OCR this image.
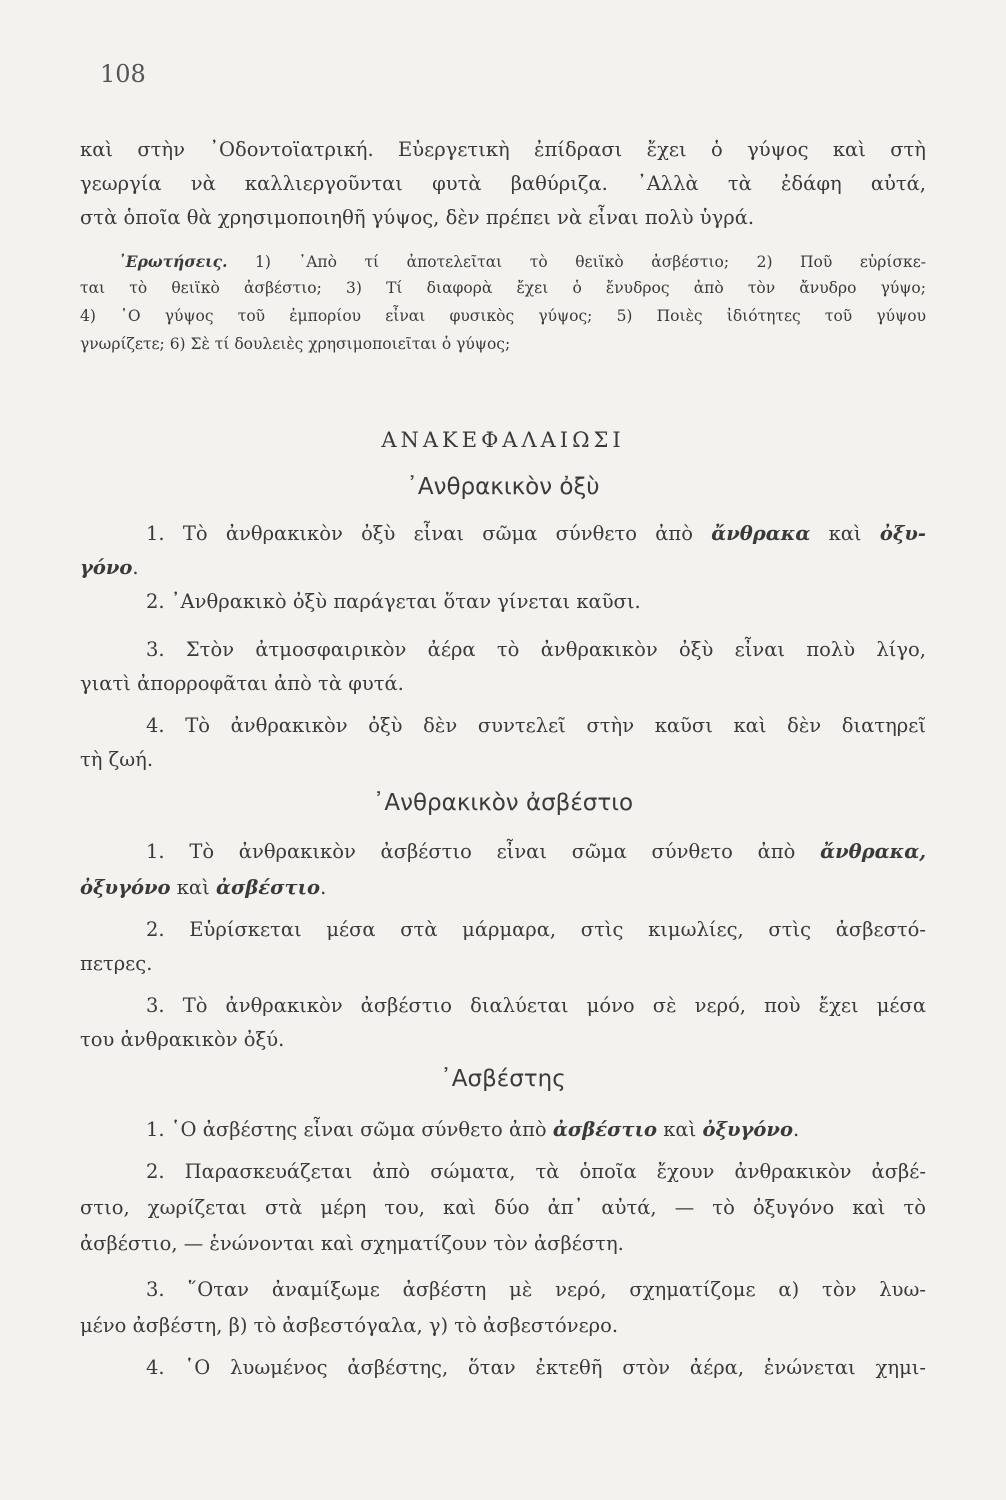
108
καὶ στὴν ᾿Οδοντοϊατρική. Εὐεργετικὴ ἐπίδρασι ἔχει ὁ γύψος καὶ στὴ
γεωργία νὰ καλλιεργοῦνται φυτὰ βαθύριζα. ᾿Αλλὰ τὰ ἐδάφη αὐτά,
στὰ ὁποῖα θὰ χρησιμοποιηθῆ γύψος, δὲν πρέπει νὰ εἶναι πολὺ ὑγρά.
᾿Ερωτήσεις. 1) ᾿Απὸ τί ἀποτελεῖται τὸ θειϊκὸ ἀσβέστιο; 2) Ποῦ εὑρίσκε-
ται τὸ θειϊκὸ ἀσβέστιο; 3) Τί διαφορὰ ἔχει ὁ ἔνυδρος ἀπὸ τὸν ἄνυδρο γύψο;
4) ῾Ο γύψος τοῦ ἐμπορίου εἶναι φυσικὸς γύψος; 5) Ποιὲς ἰδιότητες τοῦ γύψου
γνωρίζετε; 6) Σὲ τί δουλειὲς χρησιμοποιεῖται ὁ γύψος;
ΑΝΑΚΕΦΑΛΑΙΩΣΙ
᾿Ανθρακικὸν ὀξὺ
1. Τὸ ἀνθρακικὸν ὀξὺ εἶναι σῶμα σύνθετο ἀπὸ ἄνθρακα καὶ ὀξυ-
γόνο.
2. ᾿Ανθρακικὸ ὀξὺ παράγεται ὅταν γίνεται καῦσι.
3. Στὸν ἀτμοσφαιρικὸν ἀέρα τὸ ἀνθρακικὸν ὀξὺ εἶναι πολὺ λίγο,
γιατὶ ἀπορροφᾶται ἀπὸ τὰ φυτά.
4. Τὸ ἀνθρακικὸν ὀξὺ δὲν συντελεῖ στὴν καῦσι καὶ δὲν διατηρεῖ
τὴ ζωή.
᾿Ανθρακικὸν ἀσβέστιο
1. Τὸ ἀνθρακικὸν ἀσβέστιο εἶναι σῶμα σύνθετο ἀπὸ ἄνθρακα,
ὀξυγόνο καὶ ἀσβέστιο.
2. Εὑρίσκεται μέσα στὰ μάρμαρα, στὶς κιμωλίες, στὶς ἀσβεστό-
πετρες.
3. Τὸ ἀνθρακικὸν ἀσβέστιο διαλύεται μόνο σὲ νερό, ποὺ ἔχει μέσα
του ἀνθρακικὸν ὀξύ.
᾿Ασβέστης
1. ῾Ο ἀσβέστης εἶναι σῶμα σύνθετο ἀπὸ ἀσβέστιο καὶ ὀξυγόνο.
2. Παρασκευάζεται ἀπὸ σώματα, τὰ ὁποῖα ἔχουν ἀνθρακικὸν ἀσβέ-
στιο, χωρίζεται στὰ μέρη του, καὶ δύο ἀπ᾿ αὐτά, — τὸ ὀξυγόνο καὶ τὸ
ἀσβέστιο, — ἑνώνονται καὶ σχηματίζουν τὸν ἀσβέστη.
3. ῞Οταν ἀναμίξωμε ἀσβέστη μὲ νερό, σχηματίζομε α) τὸν λυω-
μένο ἀσβέστη, β) τὸ ἀσβεστόγαλα, γ) τὸ ἀσβεστόνερο.
4. ῾Ο λυωμένος ἀσβέστης, ὅταν ἐκτεθῆ στὸν ἀέρα, ἑνώνεται χημι-
